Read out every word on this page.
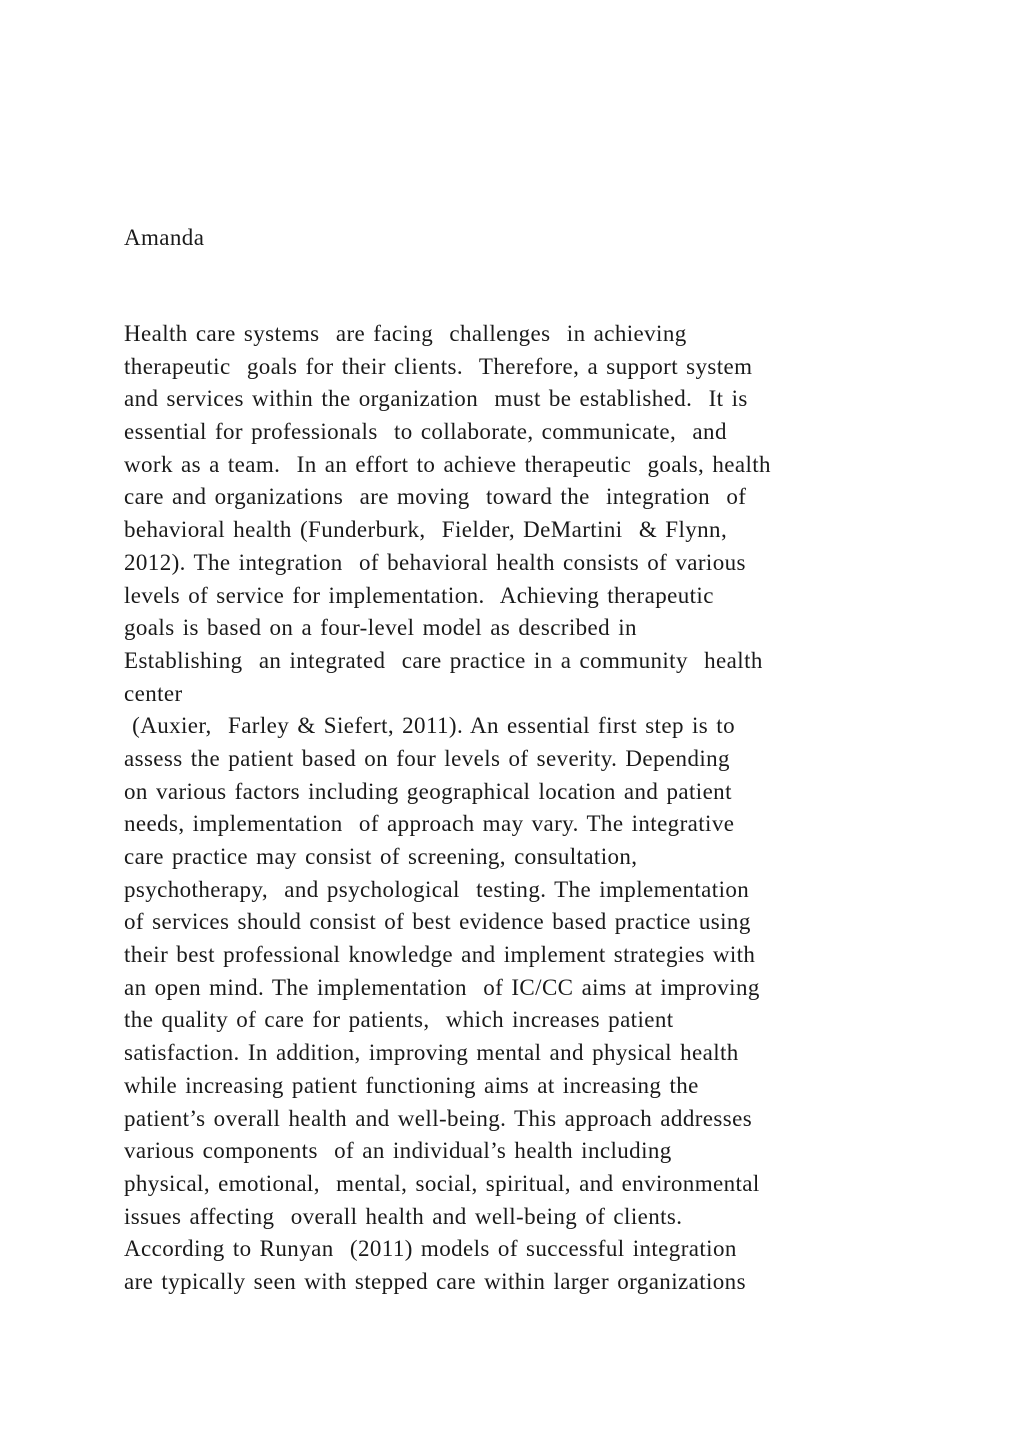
Amanda
Health care systems  are facing  challenges  in achieving
therapeutic  goals for their clients.  Therefore, a support system
and services within the organization  must be established.  It is
essential for professionals  to collaborate, communicate,  and
work as a team.  In an effort to achieve therapeutic  goals, health
care and organizations  are moving  toward the  integration  of
behavioral health (Funderburk,  Fielder, DeMartini  & Flynn,
2012). The integration  of behavioral health consists of various
levels of service for implementation.  Achieving therapeutic
goals is based on a four-level model as described in
Establishing  an integrated  care practice in a community  health
center
(Auxier,  Farley & Siefert, 2011). An essential first step is to
assess the patient based on four levels of severity. Depending
on various factors including geographical location and patient
needs, implementation  of approach may vary. The integrative
care practice may consist of screening, consultation,
psychotherapy,  and psychological  testing. The implementation
of services should consist of best evidence based practice using
their best professional knowledge and implement strategies with
an open mind. The implementation  of IC/CC aims at improving
the quality of care for patients,  which increases patient
satisfaction. In addition, improving mental and physical health
while increasing patient functioning aims at increasing the
patient’s overall health and well-being. This approach addresses
various components  of an individual’s health including
physical, emotional,  mental, social, spiritual, and environmental
issues affecting  overall health and well-being of clients.
According to Runyan  (2011) models of successful integration
are typically seen with stepped care within larger organizations
